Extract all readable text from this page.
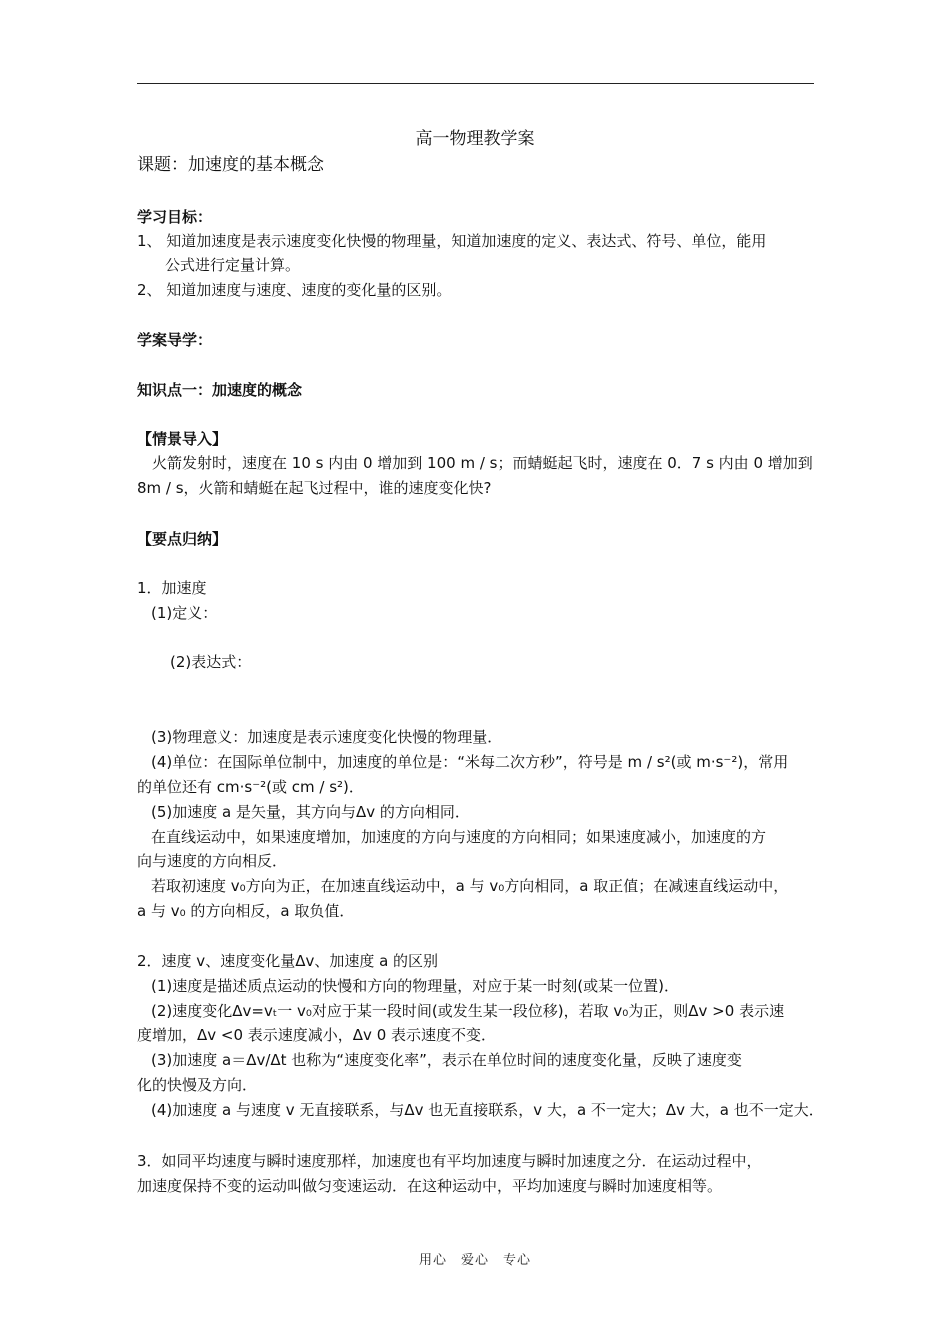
高一物理教学案
课题：加速度的基本概念
学习目标：
1、 知道加速度是表示速度变化快慢的物理量，知道加速度的定义、表达式、符号、单位，能用
公式进行定量计算。
2、 知道加速度与速度、速度的变化量的区别。
学案导学：
知识点一：加速度的概念
【情景导入】
　火箭发射时，速度在 10 s 内由 0 增加到 100 m / s；而蜻蜓起飞时，速度在 0．7 s 内由 0 增加到
8m / s，火箭和蜻蜓在起飞过程中，谁的速度变化快?
【要点归纳】
1．加速度
(1)定义：
(2)表达式：
(3)物理意义：加速度是表示速度变化快慢的物理量．
(4)单位：在国际单位制中，加速度的单位是：“米每二次方秒”，符号是 m / s²(或 m·s⁻²)，常用
的单位还有 cm·s⁻²(或 cm / s²)．
(5)加速度 a 是矢量，其方向与Δv 的方向相同．
在直线运动中，如果速度增加，加速度的方向与速度的方向相同；如果速度减小，加速度的方
向与速度的方向相反．
若取初速度 v₀方向为正，在加速直线运动中，a 与 v₀方向相同，a 取正值；在减速直线运动中，
a 与 v₀ 的方向相反，a 取负值．
2．速度 v、速度变化量Δv、加速度 a 的区别
(1)速度是描述质点运动的快慢和方向的物理量，对应于某一时刻(或某一位置)．
(2)速度变化Δv=vₜ一 v₀对应于某一段时间(或发生某一段位移)，若取 v₀为正，则Δv >0 表示速
度增加，Δv <0 表示速度减小，Δv 0 表示速度不变．
(3)加速度 a＝Δv/Δt 也称为“速度变化率”，表示在单位时间的速度变化量，反映了速度变
化的快慢及方向．
(4)加速度 a 与速度 v 无直接联系，与Δv 也无直接联系，v 大，a 不一定大；Δv 大，a 也不一定大．
3．如同平均速度与瞬时速度那样，加速度也有平均加速度与瞬时加速度之分．在运动过程中，
加速度保持不变的运动叫做匀变速运动．在这种运动中，平均加速度与瞬时加速度相等。
用心　爱心　专心
